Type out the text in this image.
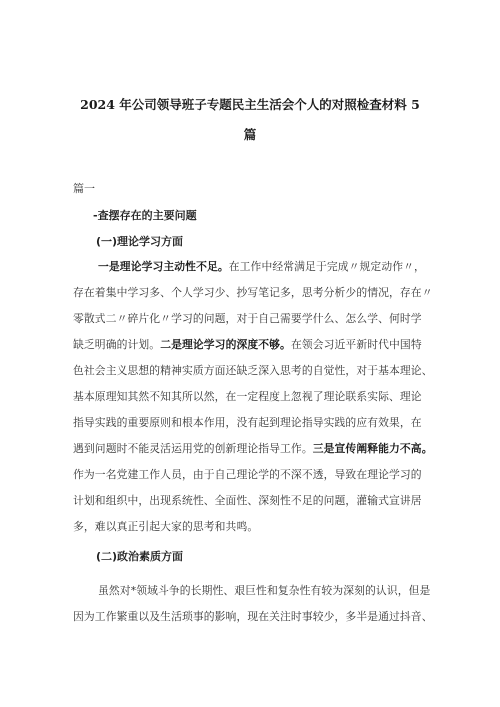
2024 年公司领导班子专题民主生活会个人的对照检查材料 5

篇

篇一

-查摆存在的主要问题

(一)理论学习方面

一是理论学习主动性不足。在工作中经常满足于完成〃规定动作〃，

存在着集中学习多、个人学习少、抄写笔记多，思考分析少的情况，存在〃

零散式二〃碎片化〃学习的问题，对于自己需要学什么、怎么学、何时学

缺乏明确的计划。二是理论学习的深度不够。在领会习近平新时代中国特

色社会主义思想的精神实质方面还缺乏深入思考的自觉性，对于基本理论、

基本原理知其然不知其所以然，在一定程度上忽视了理论联系实际、理论

指导实践的重要原则和根本作用，没有起到理论指导实践的应有效果，在

遇到问题时不能灵活运用党的创新理论指导工作。三是宣传阐释能力不高。

作为一名党建工作人员，由于自己理论学的不深不透，导致在理论学习的

计划和组织中，出现系统性、全面性、深刻性不足的问题，灌输式宣讲居

多，难以真正引起大家的思考和共鸣。

(二)政治素质方面

虽然对*领域斗争的长期性、艰巨性和复杂性有较为深刻的认识，但是

因为工作繁重以及生活琐事的影响，现在关注时事较少，多半是通过抖音、
